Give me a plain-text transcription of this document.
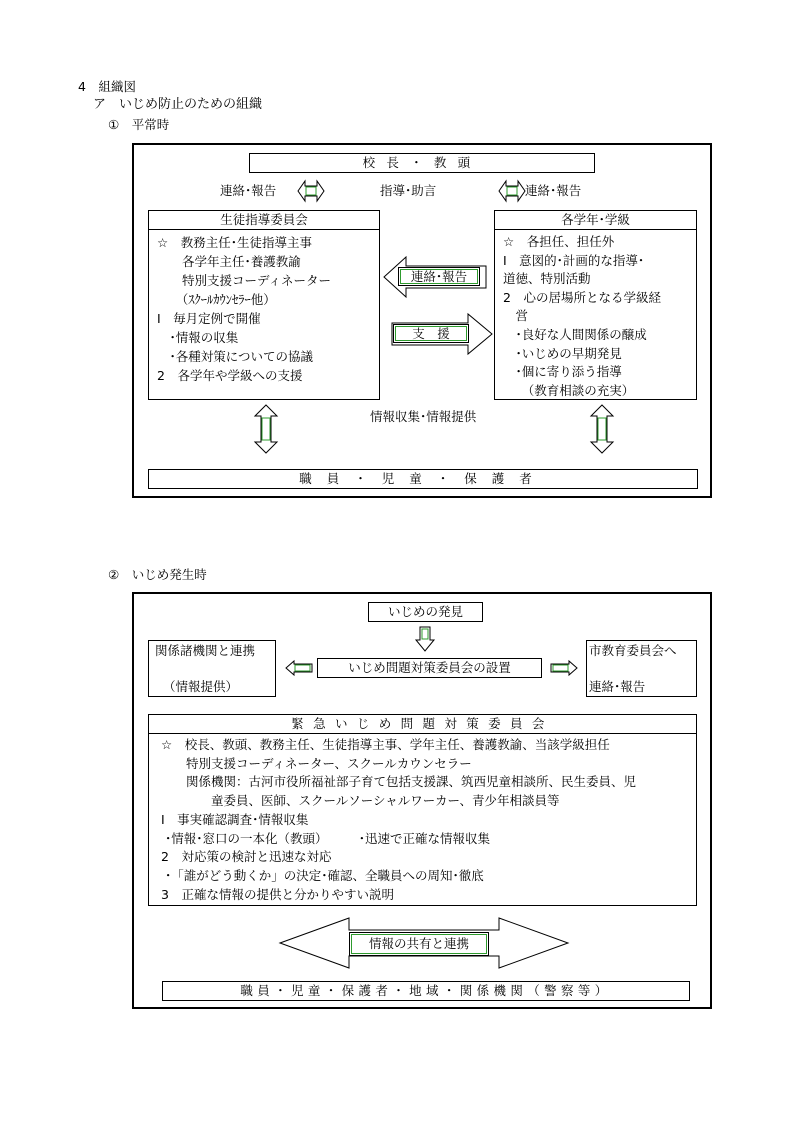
4　組織図
ア　いじめ防止のための組織
①　平常時
校長・教頭
連絡･報告	指導･助言	連絡･報告
生徒指導委員会
☆　教務主任･生徒指導主事
　　各学年主任･養護教諭
　　特別支援コーディネーター
　　（ｽｸｰﾙｶｳﾝｾﾗｰ他）
Ⅰ　毎月定例で開催
　･情報の収集
　･各種対策についての協議
2　各学年や学級への支援
各学年･学級
☆　各担任、担任外
Ⅰ　意図的･計画的な指導･
道徳、特別活動
2　心の居場所となる学級経
　営
　･良好な人間関係の醸成
　･いじめの早期発見
　･個に寄り添う指導
　　（教育相談の充実）
連絡･報告
支　援
情報収集･情報提供
職員・児童・保護者
②　いじめ発生時
いじめの発見
いじめ問題対策委員会の設置
関係諸機関と連携
（情報提供）
市教育委員会へ
連絡･報告
緊急いじめ問題対策委員会
☆　校長、教頭、教務主任、生徒指導主事、学年主任、養護教諭、当該学級担任
　　特別支援コーディネーター、スクールカウンセラー
　　関係機関：古河市役所福祉部子育て包括支援課、筑西児童相談所、民生委員、児
　　　　童委員、医師、スクールソーシャルワーカー、青少年相談員等
Ⅰ　事実確認調査･情報収集
･情報･窓口の一本化（教頭）　　　･迅速で正確な情報収集
2　対応策の検討と迅速な対応
･「誰がどう動くか」の決定･確認、全職員への周知･徹底
3　正確な情報の提供と分かりやすい説明
情報の共有と連携
職員・児童・保護者・地域・関係機関（警察等）
